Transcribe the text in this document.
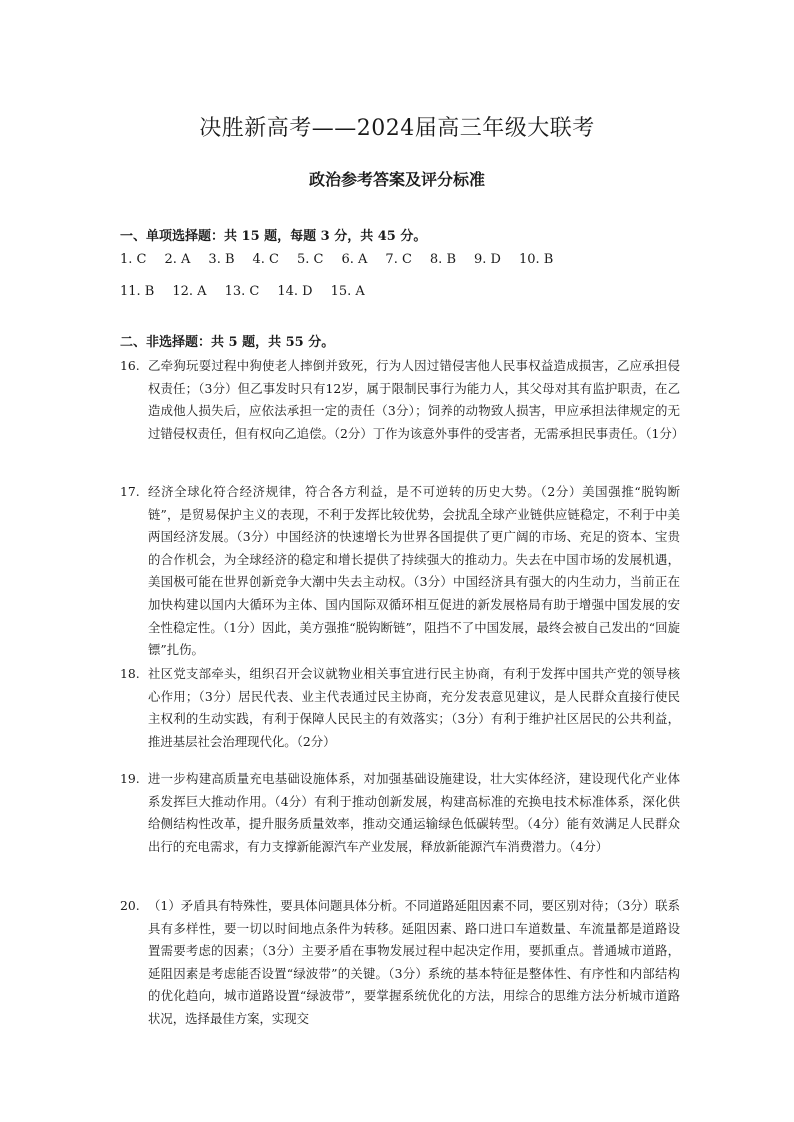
决胜新高考——2024届高三年级大联考
政治参考答案及评分标准
一、单项选择题：共 15 题，每题 3 分，共 45 分。
1. C 2. A 3. B 4. C 5. C 6. A 7. C 8. B 9. D 10. B
11. B 12. A 13. C 14. D 15. A
二、非选择题：共 5 题，共 55 分。
16. 乙牵狗玩耍过程中狗使老人摔倒并致死，行为人因过错侵害他人民事权益造成损害，乙应承担侵权责任；（3分）但乙事发时只有12岁，属于限制民事行为能力人，其父母对其有监护职责，在乙造成他人损失后，应依法承担一定的责任（3分）；饲养的动物致人损害，甲应承担法律规定的无过错侵权责任，但有权向乙追偿。（2分）丁作为该意外事件的受害者，无需承担民事责任。（1分）
17. 经济全球化符合经济规律，符合各方利益，是不可逆转的历史大势。（2分）美国强推“脱钩断链”，是贸易保护主义的表现，不利于发挥比较优势，会扰乱全球产业链供应链稳定，不利于中美两国经济发展。（3分）中国经济的快速增长为世界各国提供了更广阔的市场、充足的资本、宝贵的合作机会，为全球经济的稳定和增长提供了持续强大的推动力。失去在中国市场的发展机遇，美国极可能在世界创新竞争大潮中失去主动权。（3分）中国经济具有强大的内生动力，当前正在加快构建以国内大循环为主体、国内国际双循环相互促进的新发展格局有助于增强中国发展的安全性稳定性。（1分）因此，美方强推“脱钩断链”，阻挡不了中国发展，最终会被自己发出的“回旋镖”扎伤。
18. 社区党支部牵头，组织召开会议就物业相关事宜进行民主协商，有利于发挥中国共产党的领导核心作用；（3分）居民代表、业主代表通过民主协商，充分发表意见建议，是人民群众直接行使民主权利的生动实践，有利于保障人民民主的有效落实；（3分）有利于维护社区居民的公共利益，推进基层社会治理现代化。（2分）
19. 进一步构建高质量充电基础设施体系，对加强基础设施建设，壮大实体经济，建设现代化产业体系发挥巨大推动作用。（4分）有利于推动创新发展，构建高标准的充换电技术标准体系，深化供给侧结构性改革，提升服务质量效率，推动交通运输绿色低碳转型。（4分）能有效满足人民群众出行的充电需求，有力支撑新能源汽车产业发展，释放新能源汽车消费潜力。（4分）
20. （1）矛盾具有特殊性，要具体问题具体分析。不同道路延阻因素不同，要区别对待；（3分）联系具有多样性，要一切以时间地点条件为转移。延阻因素、路口进口车道数量、车流量都是道路设置需要考虑的因素；（3分）主要矛盾在事物发展过程中起决定作用，要抓重点。普通城市道路，延阻因素是考虑能否设置“绿波带”的关键。（3分）系统的基本特征是整体性、有序性和内部结构的优化趋向，城市道路设置“绿波带”，要掌握系统优化的方法，用综合的思维方法分析城市道路状况，选择最佳方案，实现交
